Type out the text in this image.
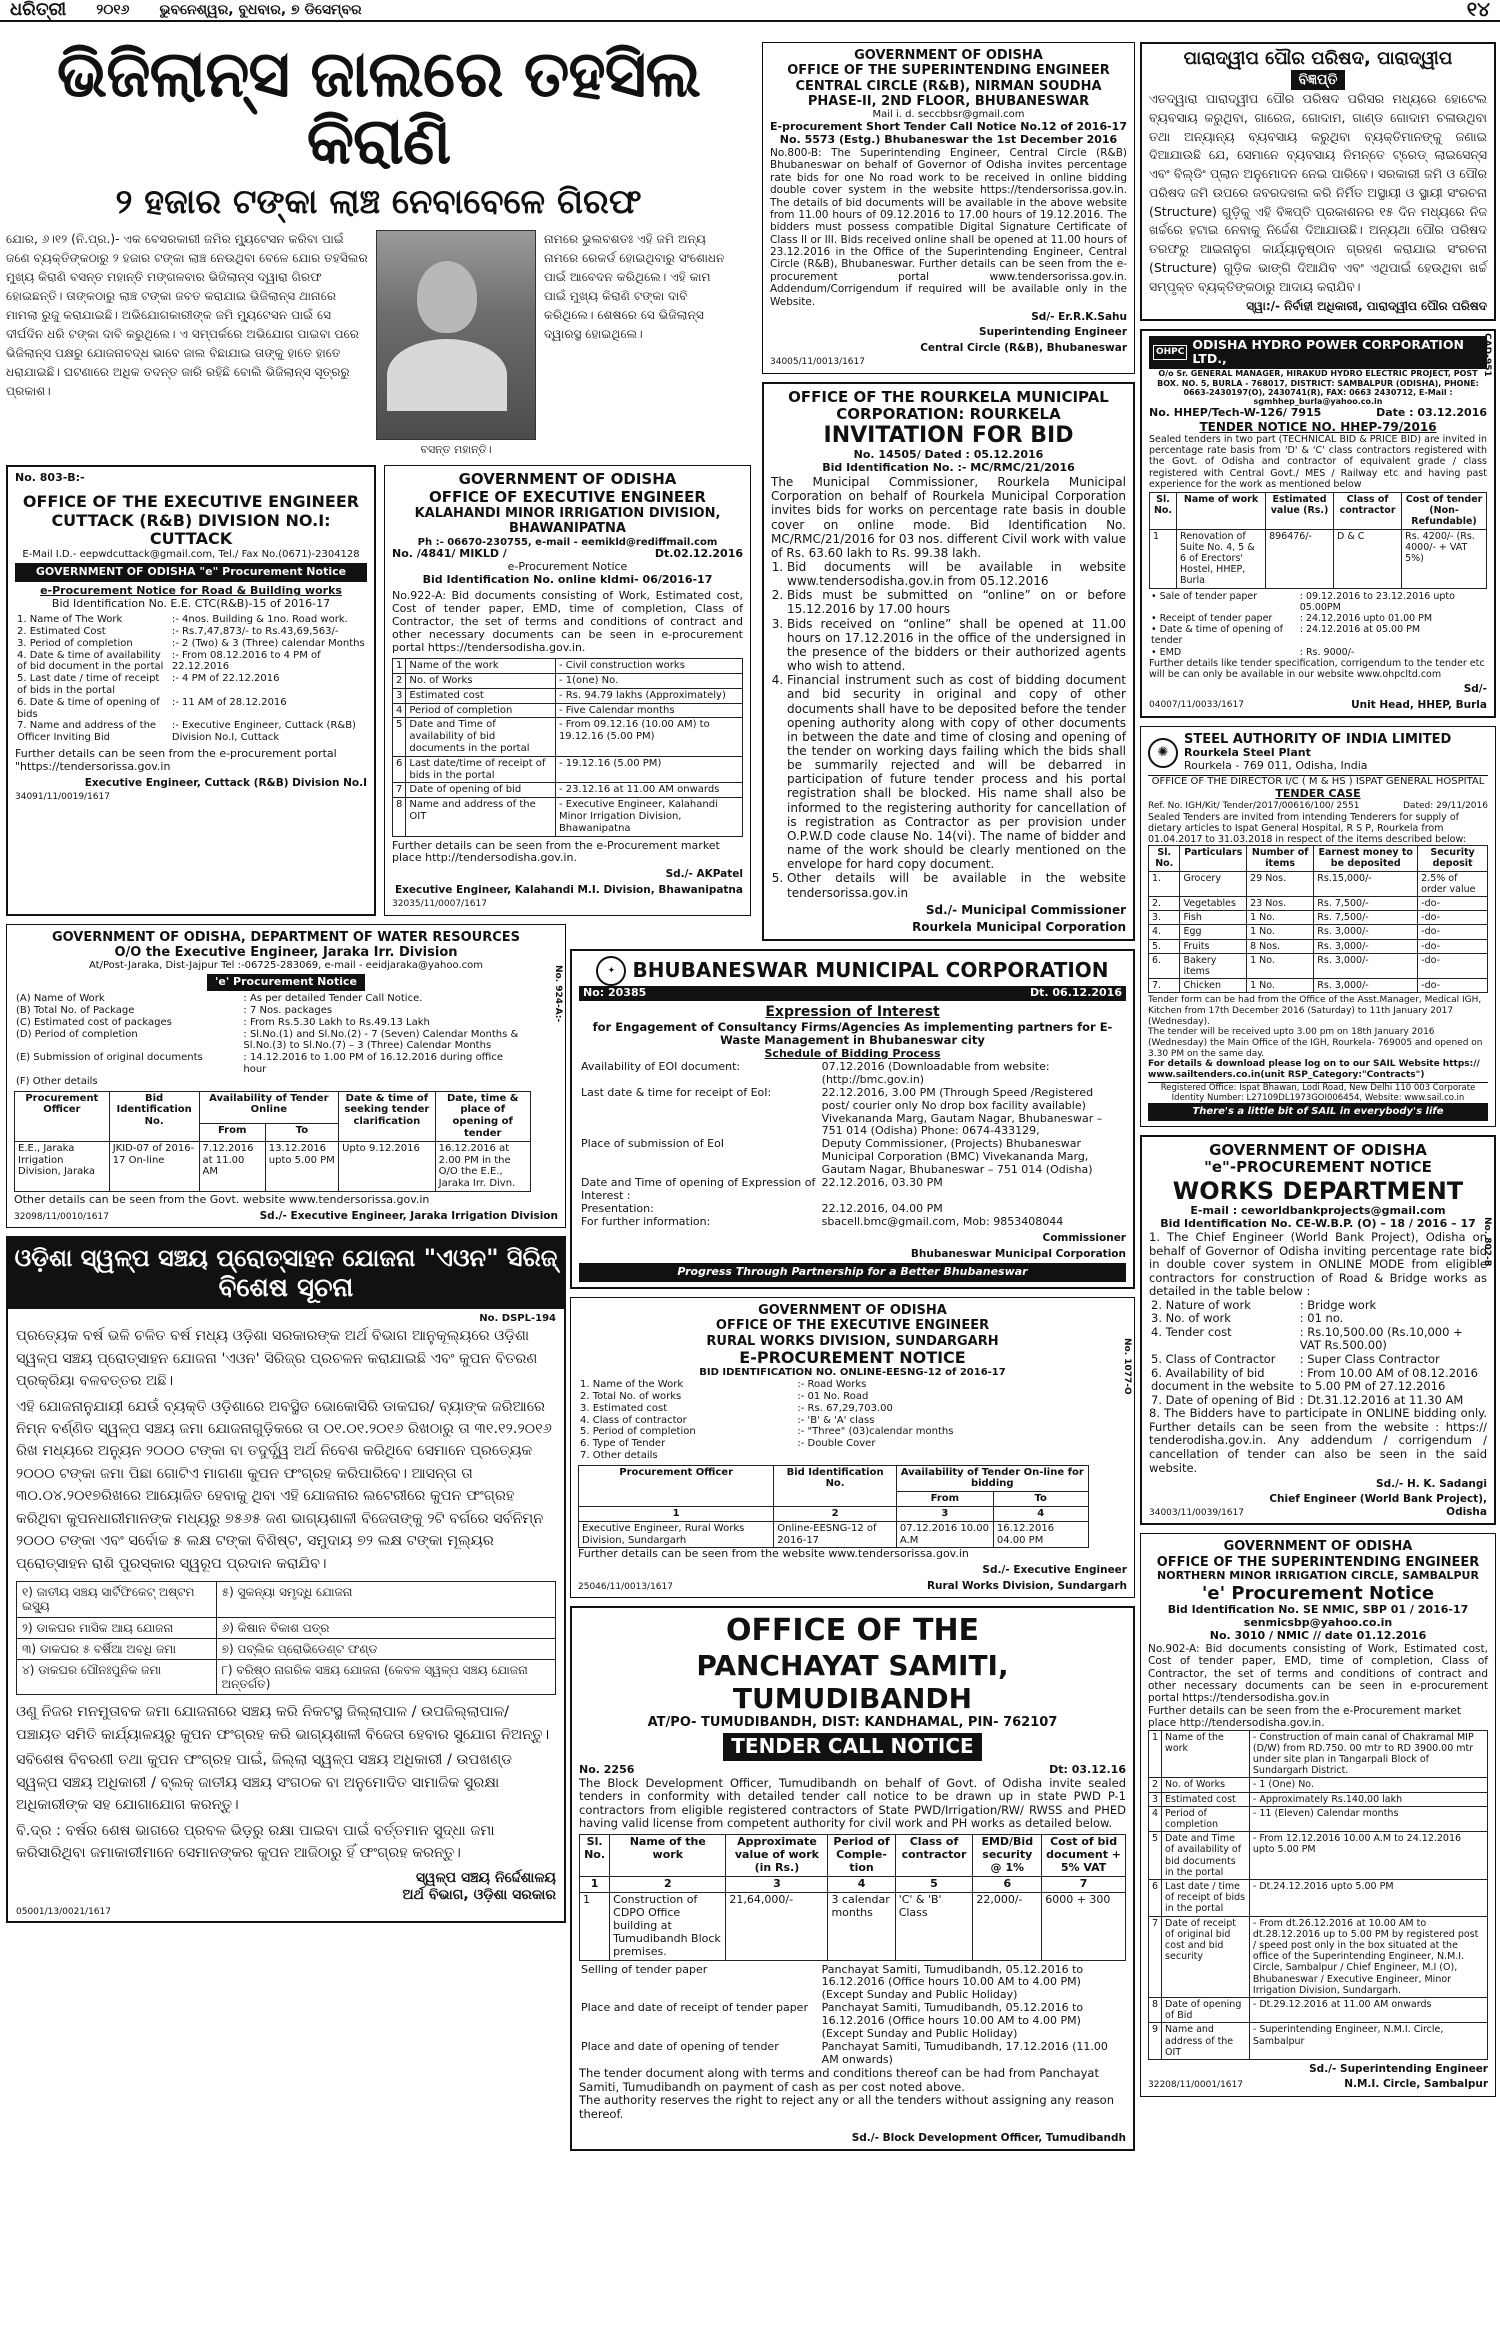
ଧରିତ୍ରୀ ୨୦୧୬ ଭୁବନେଶ୍ୱର, ବୁଧବାର, ୭ ଡିସେମ୍ବର	୧୪
ଭିଜିଲାନ୍ସ ଜାଲରେ ତହସିଲ କିରାଣି
୨ ହଜାର ଟଙ୍କା ଲାଞ୍ଚ ନେବାବେଳେ ଗିରଫ

ଯୋର, ୬।୧୨ (ନି.ପ୍ର.)- ଏକ ବେସରକାରୀ ଜମିର ମ୍ୟୁଟେସନ କରିବା ପାଇଁ ଜଣେ ବ୍ୟକ୍ତିଙ୍କଠାରୁ ୨ ହଜାର ଟଙ୍କା ଲାଞ୍ଚ ନେଉଥିବା ବେଳେ ଯୋର ତହସିଲର ମୁଖ୍ୟ କିରାଣି ବସନ୍ତ ମହାନ୍ତି ମଙ୍ଗଳବାର ଭିଜିଲାନ୍ସ ଦ୍ୱାରା ଗିରଫ ହୋଇଛନ୍ତି। ତାଙ୍କଠାରୁ ଲାଞ୍ଚ ଟଙ୍କା ଜବତ କରାଯାଇ ଭିଜିଲାନ୍ସ ଥାନାରେ ମାମଲା ରୁଜୁ କରାଯାଇଛି। ଅଭିଯୋଗକାରୀଙ୍କ ଜମି ମ୍ୟୁଟେସନ ପାଇଁ ସେ ଦୀର୍ଘଦିନ ଧରି ଟଙ୍କା ଦାବି କରୁଥିଲେ। ଏ ସମ୍ପର୍କରେ ଅଭିଯୋଗ ପାଇବା ପରେ ଭିଜିଲାନ୍ସ ପକ୍ଷରୁ ଯୋଜନାବଦ୍ଧ ଭାବେ ଜାଲ ବିଛାଯାଇ ତାଙ୍କୁ ହାତେ ହାତେ ଧରାଯାଇଛି। ଘଟଣାରେ ଅଧିକ ତଦନ୍ତ ଜାରି ରହିଛି ବୋଲି ଭିଜିଲାନ୍ସ ସୂତ୍ରରୁ ପ୍ରକାଶ।

ନାମରେ ଭୁଲବଶତଃ ଏହି ଜମି ଅନ୍ୟ ନାମରେ ରେକର୍ଡ ହୋଇଥିବାରୁ ସଂଶୋଧନ ପାଇଁ ଆବେଦନ କରିଥିଲେ। ଏହି କାମ ପାଇଁ ମୁଖ୍ୟ କିରାଣି ଟଙ୍କା ଦାବି କରିଥିଲେ। ଶେଷରେ ସେ ଭିଜିଲାନ୍ସ ଦ୍ୱାରସ୍ଥ ହୋଇଥିଲେ।

ବସନ୍ତ ମହାନ୍ତି।
No. 803-B:-
OFFICE OF THE EXECUTIVE ENGINEER CUTTACK (R&B) DIVISION NO.I: CUTTACK
E-Mail I.D.- eepwdcuttack@gmail.com, Tel./ Fax No.(0671)-2304128
GOVERNMENT OF ODISHA "e" Procurement Notice
e-Procurement Notice for Road & Building works
Bid Identification No. E.E. CTC(R&B)-15 of 2016-17
1. Name of The Work	:- 4nos. Building & 1no. Road work.
2. Estimated Cost	:- Rs.7,47,873/- to Rs.43,69,563/-
3. Period of completion	:- 2 (Two) & 3 (Three) calendar Months
4. Date & time of availability of bid document in the portal	:- From 08.12.2016 to 4 PM of 22.12.2016
5. Last date / time of receipt of bids in the portal	:- 4 PM of 22.12.2016
6. Date & time of opening of bids	:- 11 AM of 28.12.2016
7. Name and address of the Officer Inviting Bid	:- Executive Engineer, Cuttack (R&B) Division No.I, Cuttack
Further details can be seen from the e-procurement portal "https://tendersorissa.gov.in
Executive Engineer, Cuttack (R&B) Division No.I
34091/11/0019/1617
GOVERNMENT OF ODISHA
OFFICE OF EXECUTIVE ENGINEER
KALAHANDI MINOR IRRIGATION DIVISION, BHAWANIPATNA
Ph :- 06670-230755, e-mail - eemikld@rediffmail.com
No. /4841/ MIKLD /	Dt.02.12.2016
e-Procurement Notice
Bid Identification No. online kldmi- 06/2016-17

No.922-A: Bid documents consisting of Work, Estimated cost, Cost of tender paper, EMD, time of completion, Class of Contractor, the set of terms and conditions of contract and other necessary documents can be seen in e-procurement portal https://tendersodisha.gov.in.

1	Name of the work	- Civil construction works
2	No. of Works	- 1(one) No.
3	Estimated cost	- Rs. 94.79 lakhs (Approximately)
4	Period of completion	- Five Calendar months
5	Date and Time of availability of bid documents in the portal	- From 09.12.16 (10.00 AM) to 19.12.16 (5.00 PM)
6	Last date/time of receipt of bids in the portal	- 19.12.16 (5.00 PM)
7	Date of opening of bid	- 23.12.16 at 11.00 AM onwards
8	Name and address of the OIT	- Executive Engineer, Kalahandi Minor Irrigation Division, Bhawanipatna
Further details can be seen from the e-Procurement market place http://tendersodisha.gov.in.
Sd./- AKPatel
Executive Engineer, Kalahandi M.I. Division, Bhawanipatna
32035/11/0007/1617
GOVERNMENT OF ODISHA, DEPARTMENT OF WATER RESOURCES
O/O the Executive Engineer, Jaraka Irr. Division
At/Post-Jaraka, Dist-Jajpur Tel :-06725-283069, e-mail - eeidjaraka@yahoo.com	No. 924-A:-
'e' Procurement Notice
(A) Name of Work	: As per detailed Tender Call Notice.
(B) Total No. of Package	: 7 Nos. packages
(C) Estimated cost of packages	: From Rs.5.30 Lakh to Rs.49.13 Lakh
(D) Period of completion	: Sl.No.(1) and Sl.No.(2) - 7 (Seven) Calendar Months & Sl.No.(3) to Sl.No.(7) – 3 (Three) Calendar Months
(E) Submission of original documents	: 14.12.2016 to 1.00 PM of 16.12.2016 during office hour
(F) Other details	
Procurement Officer	Bid Identification No.	Availability of Tender Online		Date & time of seeking tender clarification	Date, time & place of opening of tender
		From	To		
E.E., Jaraka Irrigation Division, Jaraka	JKID-07 of 2016-17 On-line	7.12.2016 at 11.00 AM	13.12.2016 upto 5.00 PM	Upto 9.12.2016	16.12.2016 at 2.00 PM in the O/O the E.E., Jaraka Irr. Divn.
Other details can be seen from the Govt. website www.tendersorissa.gov.in
32098/11/0010/1617	Sd./- Executive Engineer, Jaraka Irrigation Division
ଓଡ଼ିଶା ସ୍ୱଳ୍ପ ସଞ୍ଚୟ ପ୍ରୋତ୍ସାହନ ଯୋଜନା "ଏଓନ" ସିରିଜ୍
ବିଶେଷ ସୂଚନା
No. DSPL-194

ପ୍ରତ୍ୟେକ ବର୍ଷ ଭଳି ଚଳିତ ବର୍ଷ ମଧ୍ୟ ଓଡ଼ିଶା ସରକାରଙ୍କ ଅର୍ଥ ବିଭାଗ ଆନୁକୂଲ୍ୟରେ ଓଡ଼ିଶା ସ୍ୱଳ୍ପ ସଞ୍ଚୟ ପ୍ରୋତ୍ସାହନ ଯୋଜନା 'ଏଓନ' ସିରିଜ୍ର ପ୍ରଚଳନ କରାଯାଇଛି ଏବଂ କୁପନ ବିତରଣ ପ୍ରକ୍ରିୟା ବଳବତ୍ତର ଅଛି।

ଏହି ଯୋଜନାନୁଯାୟୀ ଯେଉଁ ବ୍ୟକ୍ତି ଓଡ଼ିଶାରେ ଅବସ୍ଥିତ ଭୋକୋସିରି ଡାକଘର/ ବ୍ୟାଙ୍କ ଜରିଆରେ ନିମ୍ନ ବର୍ଣ୍ଣିତ ସ୍ୱଳ୍ପ ସଞ୍ଚୟ ଜମା ଯୋଜନାଗୁଡ଼ିକରେ ତା ୦୧.୦୧.୨୦୧୬ ରିଖଠାରୁ ତା ୩୧.୧୨.୨୦୧୬ ରିଖ ମଧ୍ୟରେ ଅନ୍ୟୁନ ୨୦୦୦ ଟଙ୍କା ବା ତଦୁର୍ଦ୍ଧ୍ୱ ଅର୍ଥ ନିବେଶ କରିଥିବେ ସେମାନେ ପ୍ରତ୍ୟେକ ୨୦୦୦ ଟଙ୍କା ଜମା ପିଛା ଗୋଟିଏ ମାଗଣା କୁପନ ଫଂଗ୍ରହ କରିପାରିବେ। ଆସନ୍ତା ତା ୩୦.୦୪.୨୦୧୭ରିଖରେ ଆୟୋଜିତ ହେବାକୁ ଥିବା ଏହି ଯୋଜନାର ଲଟେରୀରେ କୁପନ ଫଂଗ୍ରହ କରିଥିବା କୁପନଧାରୀମାନଙ୍କ ମଧ୍ୟରୁ ୭୫୬୫ ଜଣ ଭାଗ୍ୟଶାଳୀ ବିଜେତାଙ୍କୁ ୨ଟି ବର୍ଗରେ ସର୍ବନିମ୍ନ ୨୦୦୦ ଟଙ୍କା ଏବଂ ସର୍ବୋଚ୍ଚ ୫ ଲକ୍ଷ ଟଙ୍କା ବିଶିଷ୍ଟ, ସମୁଦାୟ ୭୨ ଲକ୍ଷ ଟଙ୍କା ମୂଲ୍ୟର ପ୍ରୋତ୍ସାହନ ରାଶି ପୁରସ୍କାର ସ୍ୱରୂପ ପ୍ରଦାନ କରାଯିବ।

୧) ଜାତୀୟ ସଞ୍ଚୟ ସାର୍ଟିଫିକେଟ୍ ଅଷ୍ଟମ ଇସ୍ୟୁ	୫) ସୁକନ୍ୟା ସମୃଦ୍ଧି ଯୋଜନା
୨) ଡାକଘର ମାସିକ ଆୟ ଯୋଜନା	୬) କିଷାନ ବିକାଶ ପତ୍ର
୩) ଡାକଘର ୫ ବର୍ଷିଆ ଅବଧି ଜମା	୭) ପବ୍ଲିକ ପ୍ରୋଭିଡେଣ୍ଟ ଫଣ୍ଡ
୪) ଡାକଘର ପୌନଃପୁନିକ ଜମା	୮) ବରିଷ୍ଠ ନାଗରିକ ସଞ୍ଚୟ ଯୋଜନା (କେବଳ ସ୍ୱଳ୍ପ ସଞ୍ଚୟ ଯୋଜନା ଅନ୍ତର୍ଗତ)

ଓଣୁ ନିଜର ମନମୁତାବକ ଜମା ଯୋଜନାରେ ସଞ୍ଚୟ କରି ନିକଟସ୍ଥ ଜିଲ୍ଲାପାଳ / ଉପଜିଲ୍ଲାପାଳ/ ପଞ୍ଚାୟତ ସମିତି କାର୍ଯ୍ୟାଳୟରୁ କୁପନ ଫଂଗ୍ରହ କରି ଭାଗ୍ୟଶାଳୀ ବିଜେତା ହେବାର ସୁଯୋଗ ନିଅନ୍ତୁ।

ସବିଶେଷ ବିବରଣୀ ତଥା କୁପନ ଫଂଗ୍ରହ ପାଇଁ, ଜିଲ୍ଲା ସ୍ୱଳ୍ପ ସଞ୍ଚୟ ଅଧିକାରୀ / ଉପଖଣ୍ଡ ସ୍ୱଳ୍ପ ସଞ୍ଚୟ ଅଧିକାରୀ / ବ୍ଲକ୍ ଜାତୀୟ ସଞ୍ଚୟ ସଂଗଠକ ବା ଅନୁମୋଦିତ ସାମାଜିକ ସୁରକ୍ଷା ଅଧିକାରୀଙ୍କ ସହ ଯୋଗାଯୋଗ କରନ୍ତୁ।

ବି.ଦ୍ର : ବର୍ଷର ଶେଷ ଭାଗରେ ପ୍ରବଳ ଭିଡ଼ରୁ ରକ୍ଷା ପାଇବା ପାଇଁ ବର୍ତ୍ତମାନ ସୁଦ୍ଧା ଜମା କରିସାରିଥିବା ଜମାକାରୀମାନେ ସେମାନଙ୍କର କୁପନ ଆଜିଠାରୁ ହିଁ ଫଂଗ୍ରହ କରନ୍ତୁ।

ସ୍ୱଳ୍ପ ସଞ୍ଚୟ ନିର୍ଦ୍ଦେଶାଳୟ
ଅର୍ଥ ବିଭାଗ, ଓଡ଼ିଶା ସରକାର
05001/13/0021/1617
GOVERNMENT OF ODISHA
OFFICE OF THE SUPERINTENDING ENGINEER CENTRAL CIRCLE (R&B), NIRMAN SOUDHA PHASE-II, 2ND FLOOR, BHUBANESWAR
Mail i. d. seccbbsr@gmail.com
E-procurement Short Tender Call Notice No.12 of 2016-17
No. 5573 (Estg.) Bhubaneswar the 1st December 2016

No.800-B: The Superintending Engineer, Central Circle (R&B) Bhubaneswar on behalf of Governor of Odisha invites percentage rate bids for one No road work to be received in online bidding double cover system in the website https://tendersorissa.gov.in. The details of bid documents will be available in the above website from 11.00 hours of 09.12.2016 to 17.00 hours of 19.12.2016. The bidders must possess compatible Digital Signature Certificate of Class II or III. Bids received online shall be opened at 11.00 hours of 23.12.2016 in the Office of the Superintending Engineer, Central Circle (R&B), Bhubaneswar. Further details can be seen from the e-procurement portal www.tendersorissa.gov.in. Addendum/Corrigendum if required will be available only in the Website.

Sd/- Er.R.K.Sahu
Superintending Engineer
Central Circle (R&B), Bhubaneswar
34005/11/0013/1617
OFFICE OF THE ROURKELA MUNICIPAL CORPORATION: ROURKELA
INVITATION FOR BID
No. 14505/ Dated : 05.12.2016
Bid Identification No. :- MC/RMC/21/2016

The Municipal Commissioner, Rourkela Municipal Corporation on behalf of Rourkela Municipal Corporation invites bids for works on percentage rate basis in double cover on online mode. Bid Identification No. MC/RMC/21/2016 for 03 nos. different Civil work with value of Rs. 63.60 lakh to Rs. 99.38 lakh.

1. Bid documents will be available in website www.tendersodisha.gov.in from 05.12.2016
2. Bids must be submitted on “online” on or before 15.12.2016 by 17.00 hours
3. Bids received on “online” shall be opened at 11.00 hours on 17.12.2016 in the office of the undersigned in the presence of the bidders or their authorized agents who wish to attend.
4. Financial instrument such as cost of bidding document and bid security in original and copy of other documents shall have to be deposited before the tender opening authority along with copy of other documents in between the date and time of closing and opening of the tender on working days failing which the bids shall be summarily rejected and will be debarred in participation of future tender process and his portal registration shall be blocked. His name shall also be informed to the registering authority for cancellation of is registration as Contractor as per provision under O.P.W.D code clause No. 14(vi). The name of bidder and name of the work should be clearly mentioned on the envelope for hard copy document.
5. Other details will be available in the website tendersorissa.gov.in
Sd./- Municipal Commissioner
Rourkela Municipal Corporation
✦ BHUBANESWAR MUNICIPAL CORPORATION
No: 20385	Dt. 06.12.2016
Expression of Interest
for Engagement of Consultancy Firms/Agencies As implementing partners for E-Waste Management in Bhubaneswar city
Schedule of Bidding Process
Availability of EOI document:	07.12.2016 (Downloadable from website:(http://bmc.gov.in)
Last date & time for receipt of EoI:	22.12.2016, 3.00 PM (Through Speed /Registered post/ courier only No drop box facility available) Vivekananda Marg, Gautam Nagar, Bhubaneswar – 751 014 (Odisha) Phone: 0674-433129,
Place of submission of EoI	Deputy Commissioner, (Projects) Bhubaneswar Municipal Corporation (BMC) Vivekananda Marg, Gautam Nagar, Bhubaneswar – 751 014 (Odisha)
Date and Time of opening of Expression of Interest :	22.12.2016, 03.30 PM
Presentation:	22.12.2016, 04.00 PM
For further information:	sbacell.bmc@gmail.com, Mob: 9853408044
Commissioner
Bhubaneswar Municipal Corporation
Progress Through Partnership for a Better Bhubaneswar
GOVERNMENT OF ODISHA
OFFICE OF THE EXECUTIVE ENGINEER
RURAL WORKS DIVISION, SUNDARGARH
E-PROCUREMENT NOTICE
BID IDENTIFICATION NO. ONLINE-EESNG-12 of 2016-17	No. 1077-O
1. Name of the Work	:- Road Works
2. Total No. of works	:- 01 No. Road
3. Estimated cost	:- Rs. 67,29,703.00
4. Class of contractor	:- 'B' & 'A' class
5. Period of completion	:- "Three" (03)calendar months
6. Type of Tender	:- Double Cover
7. Other details	
Procurement Officer	Bid Identification No.	Availability of Tender On-line for bidding	
		From	To
1	2	3	4
Executive Engineer, Rural Works Division, Sundargarh	Online-EESNG-12 of 2016-17	07.12.2016 10.00 A.M	16.12.2016 04.00 PM
Further details can be seen from the website www.tendersorissa.gov.in
Sd./- Executive Engineer
25046/11/0013/1617	Rural Works Division, Sundargarh
OFFICE OF THE
PANCHAYAT SAMITI, TUMUDIBANDH
AT/PO- TUMUDIBANDH, DIST: KANDHAMAL, PIN- 762107
TENDER CALL NOTICE
No. 2256	Dt: 03.12.16

The Block Development Officer, Tumudibandh on behalf of Govt. of Odisha invite sealed tenders in conformity with detailed tender call notice to be drawn up in state PWD P-1 contractors from eligible registered contractors of State PWD/Irrigation/RW/ RWSS and PHED having valid license from competent authority for civil work and PH works as detailed below.

Sl. No.	Name of the work	Approximate value of work (in Rs.)	Period of Comple-tion	Class of contractor	EMD/Bid security @ 1%	Cost of bid document + 5% VAT
1	2	3	4	5	6	7
1	Construction of CDPO Office building at Tumudibandh Block premises.	21,64,000/-	3 calendar months	'C' & 'B' Class	22,000/-	6000 + 300
Selling of tender paper	Panchayat Samiti, Tumudibandh, 05.12.2016 to 16.12.2016 (Office hours 10.00 AM to 4.00 PM) (Except Sunday and Public Holiday)
Place and date of receipt of tender paper	Panchayat Samiti, Tumudibandh, 05.12.2016 to 16.12.2016 (Office hours 10.00 AM to 4.00 PM) (Except Sunday and Public Holiday)
Place and date of opening of tender	Panchayat Samiti, Tumudibandh, 17.12.2016 (11.00 AM onwards)

The tender document along with terms and conditions thereof can be had from Panchayat Samiti, Tumudibandh on payment of cash as per cost noted above.

The authority reserves the right to reject any or all the tenders without assigning any reason thereof.

Sd./- Block Development Officer, Tumudibandh
ପାରାଦ୍ୱୀପ ପୌର ପରିଷଦ, ପାରାଦ୍ୱୀପ
ବିଜ୍ଞପ୍ତି

ଏତଦ୍ୱାରା ପାରାଦ୍ୱୀପ ପୌର ପରିଷଦ ପରିସର ମଧ୍ୟରେ ହୋଟେଲ ବ୍ୟବସାୟ କରୁଥିବା, ଗାରେଜ, ଗୋଦାମ, ଗାଣ୍ଡ ଗୋଦାମ ଚଳାଉଥିବା ତଥା ଅନ୍ୟାନ୍ୟ ବ୍ୟବସାୟ କରୁଥିବା ବ୍ୟକ୍ତିମାନଙ୍କୁ ଜଣାଇ ଦିଆଯାଉଛି ଯେ, ସେମାନେ ବ୍ୟବସାୟ ନିମନ୍ତେ ଟ୍ରେଡ୍ ଲାଇସେନ୍ସ ଏବଂ ବିଲ୍ଡିଂ ପ୍ଲାନ ଅନୁମୋଦନ ନେଇ ପାରିବେ। ସରକାରୀ ଜମି ଓ ପୌର ପରିଷଦ ଜମି ଉପରେ ଜବରଦଖଲ କରି ନିର୍ମିତ ଅସ୍ଥାୟୀ ଓ ସ୍ଥାୟୀ ସଂରଚନା (Structure) ଗୁଡ଼ିକୁ ଏହି ବିଜ୍ଞପ୍ତି ପ୍ରକାଶନର ୧୫ ଦିନ ମଧ୍ୟରେ ନିଜ ଖର୍ଚ୍ଚରେ ହଟାଇ ନେବାକୁ ନିର୍ଦ୍ଦେଶ ଦିଆଯାଉଛି। ଅନ୍ୟଥା ପୌର ପରିଷଦ ତରଫରୁ ଆଇନାନୁଗ କାର୍ଯ୍ୟାନୁଷ୍ଠାନ ଗ୍ରହଣ କରାଯାଇ ସଂରଚନା (Structure) ଗୁଡ଼ିକ ଭାଙ୍ଗି ଦିଆଯିବ ଏବଂ ଏଥିପାଇଁ ହେଉଥିବା ଖର୍ଚ୍ଚ ସମ୍ପୃକ୍ତ ବ୍ୟକ୍ତିଙ୍କଠାରୁ ଆଦାୟ କରାଯିବ।

ସ୍ୱା:/- ନିର୍ବାହୀ ଅଧିକାରୀ, ପାରାଦ୍ୱୀପ ପୌର ପରିଷଦ
OHPC
ODISHA HYDRO POWER CORPORATION LTD.,
O/o Sr. GENERAL MANAGER, HIRAKUD HYDRO ELECTRIC PROJECT, POST BOX. NO. 5, BURLA - 768017, DISTRICT: SAMBALPUR (ODISHA), PHONE: 0663-2430197(O), 2430741(R), FAX: 0663 2430712, E-Mail : sgmhhep_burla@yahoo.co.in
CAD-951
No. HHEP/Tech-W-126/ 7915	Date : 03.12.2016
TENDER NOTICE NO. HHEP-79/2016

Sealed tenders in two part (TECHNICAL BID & PRICE BID) are invited in percentage rate basis from 'D' & 'C' class contractors registered with the Govt. of Odisha and contractor of equivalent grade / class registered with Central Govt./ MES / Railway etc and having past experience for the work as mentioned below

Sl. No.	Name of work	Estimated value (Rs.)	Class of contractor	Cost of tender (Non-Refundable)
1	Renovation of Suite No. 4, 5 & 6 of Erectors' Hostel, HHEP, Burla	896476/-	D & C	Rs. 4200/- (Rs. 4000/- + VAT 5%)
• Sale of tender paper	: 09.12.2016 to 23.12.2016 upto 05.00PM
• Receipt of tender paper	: 24.12.2016 upto 01.00 PM
• Date & time of opening of tender	: 24.12.2016 at 05.00 PM
• EMD	: Rs. 9000/-
Further details like tender specification, corrigendum to the tender etc will be can only be available in our website www.ohpcltd.com
Sd/-
04007/11/0033/1617	Unit Head, HHEP, Burla
✺
STEEL AUTHORITY OF INDIA LIMITED
Rourkela Steel Plant
Rourkela - 769 011, Odisha, India
OFFICE OF THE DIRECTOR I/C ( M & HS ) ISPAT GENERAL HOSPITAL
TENDER CASE
Ref. No. IGH/Kit/ Tender/2017/00616/100/ 2551	Dated: 29/11/2016

Sealed Tenders are invited from intending Tenderers for supply of dietary articles to Ispat General Hospital, R S P, Rourkela from 01.04.2017 to 31.03.2018 in respect of the items described below:

Sl. No.	Particulars	Number of items	Earnest money to be deposited	Security deposit
1.	Grocery	29 Nos.	Rs.15,000/-	2.5% of order value
2.	Vegetables	23 Nos.	Rs. 7,500/-	-do-
3.	Fish	1 No.	Rs. 7,500/-	-do-
4.	Egg	1 No.	Rs. 3,000/-	-do-
5.	Fruits	8 Nos.	Rs. 3,000/-	-do-
6.	Bakery items	1 No.	Rs. 3,000/-	-do-
7.	Chicken	1 No.	Rs. 3,000/-	-do-

Tender form can be had from the Office of the Asst.Manager, Medical IGH, Kitchen from 17th December 2016 (Saturday) to 11th January 2017 (Wednesday).

The tender will be received upto 3.00 pm on 18th January 2016 (Wednesday) the Main Office of the IGH, Rourkela- 769005 and opened on 3.30 PM on the same day.

For details & download please log on to our SAIL Website https:// www.sailtenders.co.in(unit RSP_Category:"Contracts")

Registered Office: Ispat Bhawan, Lodi Road, New Delhi 110 003 Corporate Identity Number: L27109DL1973GOI006454, Website: www.sail.co.in
There's a little bit of SAIL in everybody's life
GOVERNMENT OF ODISHA
"e"-PROCUREMENT NOTICE
WORKS DEPARTMENT
E-mail : ceworldbankprojects@gmail.com
Bid Identification No. CE-W.B.P. (O) – 18 / 2016 – 17 No. 802-B

1. The Chief Engineer (World Bank Project), Odisha on behalf of Governor of Odisha inviting percentage rate bid in double cover system in ONLINE MODE from eligible contractors for construction of Road & Bridge works as detailed in the table below :

2. Nature of work	: Bridge work
3. No. of work	: 01 no.
4. Tender cost	: Rs.10,500.00 (Rs.10,000 + VAT Rs.500.00)
5. Class of Contractor	: Super Class Contractor
6. Availability of bid document in the website	: From 10.00 AM of 08.12.2016 to 5.00 PM of 27.12.2016
7. Date of opening of Bid	: Dt.31.12.2016 at 11.30 AM

8. The Bidders have to participate in ONLINE bidding only. Further details can be seen from the website : https:// tenderodisha.gov.in. Any addendum / corrigendum / cancellation of tender can also be seen in the said website.

Sd./- H. K. Sadangi
34003/11/0039/1617
Chief Engineer (World Bank Project), Odisha
GOVERNMENT OF ODISHA
OFFICE OF THE SUPERINTENDING ENGINEER
NORTHERN MINOR IRRIGATION CIRCLE, SAMBALPUR
'e' Procurement Notice
Bid Identification No. SE NMIC, SBP 01 / 2016-17
senmicsbp@yahoo.co.in
No. 3010 / NMIC // date 01.12.2016

No.902-A: Bid documents consisting of Work, Estimated cost, Cost of tender paper, EMD, time of completion, Class of Contractor, the set of terms and conditions of contract and other necessary documents can be seen in e-procurement portal https://tendersodisha.gov.in

Further details can be seen from the e-Procurement market place http://tendersodisha.gov.in.

1	Name of the work	- Construction of main canal of Chakramal MIP (D/W) from RD.750. 00 mtr to RD 3900.00 mtr under site plan in Tangarpali Block of Sundargarh District.
2	No. of Works	- 1 (One) No.
3	Estimated cost	- Approximately Rs.140.00 lakh
4	Period of completion	- 11 (Eleven) Calendar months
5	Date and Time of availability of bid documents in the portal	- From 12.12.2016 10.00 A.M to 24.12.2016 upto 5.00 PM
6	Last date / time of receipt of bids in the portal	- Dt.24.12.2016 upto 5.00 PM
7	Date of receipt of original bid cost and bid security	- From dt.26.12.2016 at 10.00 AM to dt.28.12.2016 up to 5.00 PM by registered post / speed post only in the box situated at the office of the Superintending Engineer, N.M.I. Circle, Sambalpur / Chief Engineer, M.I (O), Bhubaneswar / Executive Engineer, Minor Irrigation Division, Sundargarh.
8	Date of opening of Bid	- Dt.29.12.2016 at 11.00 AM onwards
9	Name and address of the OIT	- Superintending Engineer, N.M.I. Circle, Sambalpur
Sd./- Superintending Engineer
32208/11/0001/1617	N.M.I. Circle, Sambalpur
